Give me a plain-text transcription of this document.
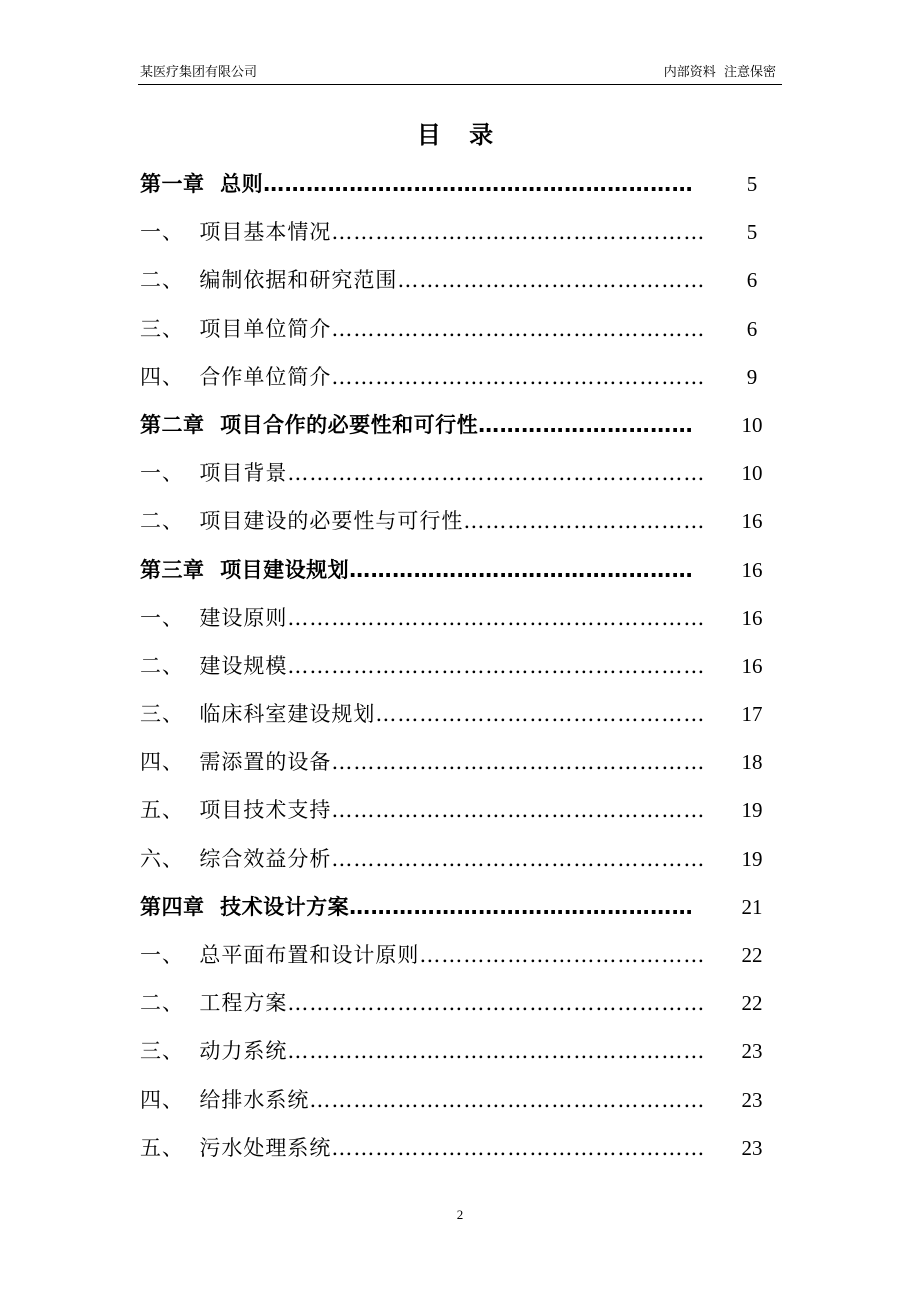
某医疗集团有限公司	内部资料  注意保密
目 录
第一章  总则……………………………………………………	5
一、  项目基本情况……………………………………………	5
二、  编制依据和研究范围……………………………………	6
三、  项目单位简介……………………………………………	6
四、  合作单位简介……………………………………………	9
第二章  项目合作的必要性和可行性…………………………	10
一、  项目背景…………………………………………………	10
二、  项目建设的必要性与可行性……………………………	16
第三章  项目建设规划…………………………………………	16
一、  建设原则…………………………………………………	16
二、  建设规模…………………………………………………	16
三、  临床科室建设规划………………………………………	17
四、  需添置的设备……………………………………………	18
五、  项目技术支持……………………………………………	19
六、  综合效益分析……………………………………………	19
第四章  技术设计方案…………………………………………	21
一、  总平面布置和设计原则…………………………………	22
二、  工程方案…………………………………………………	22
三、  动力系统…………………………………………………	23
四、  给排水系统………………………………………………	23
五、  污水处理系统……………………………………………	23
2
